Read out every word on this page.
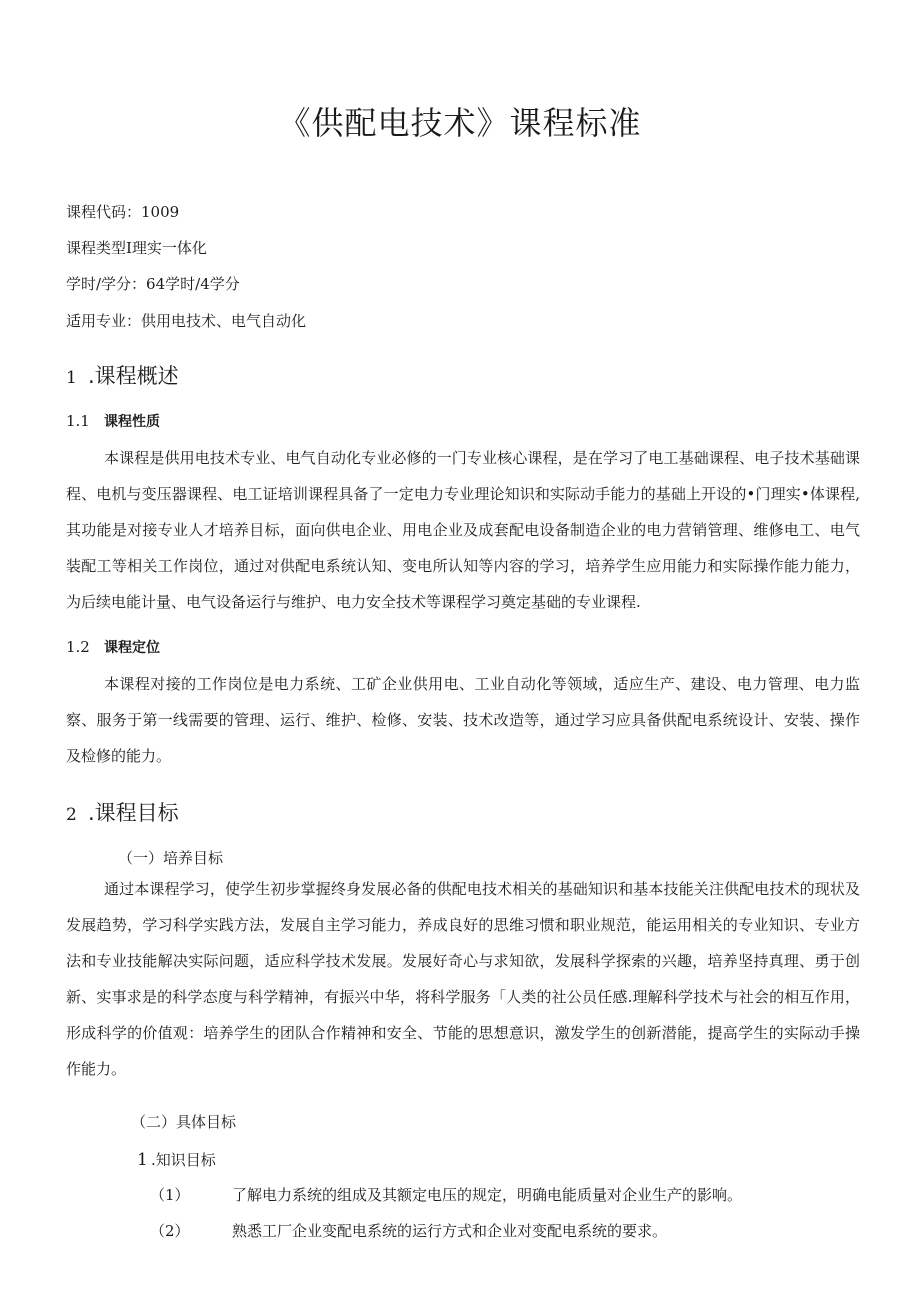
《供配电技术》课程标准
课程代码：1009
课程类型I理实一体化
学时/学分：64学时/4学分
适用专业：供用电技术、电气自动化
1 .课程概述
1.1 课程性质
本课程是供用电技术专业、电气自动化专业必修的一门专业核心课程，是在学习了电工基础课程、电子技术基础课程、电机与变压器课程、电工证培训课程具备了一定电力专业理论知识和实际动手能力的基础上开设的•门理实•体课程,其功能是对接专业人才培养目标，面向供电企业、用电企业及成套配电设备制造企业的电力营销管理、维修电工、电气装配工等相关工作岗位，通过对供配电系统认知、变电所认知等内容的学习，培养学生应用能力和实际操作能力能力，为后续电能计量、电气设备运行与维护、电力安全技术等课程学习奠定基础的专业课程.
1.2 课程定位
本课程对接的工作岗位是电力系统、工矿企业供用电、工业自动化等领域，适应生产、建设、电力管理、电力监察、服务于第一线需要的管理、运行、维护、检修、安装、技术改造等，通过学习应具备供配电系统设计、安装、操作及检修的能力。
2 .课程目标
（一）培养目标
通过本课程学习，使学生初步掌握终身发展必备的供配电技术相关的基础知识和基本技能关注供配电技术的现状及发展趋势，学习科学实践方法，发展自主学习能力，养成良好的思维习惯和职业规范，能运用相关的专业知识、专业方法和专业技能解决实际问题，适应科学技术发展。发展好奇心与求知欲，发展科学探索的兴趣，培养坚持真理、勇于创新、实事求是的科学态度与科学精神，有振兴中华，将科学服务「人类的社公员任感.理解科学技术与社会的相互作用，形成科学的价值观：培养学生的团队合作精神和安全、节能的思想意识，激发学生的创新潜能，提高学生的实际动手操作能力。
（二）具体目标
1 .知识目标
（1）	了解电力系统的组成及其额定电压的规定，明确电能质量对企业生产的影响。
（2）	熟悉工厂企业变配电系统的运行方式和企业对变配电系统的要求。
